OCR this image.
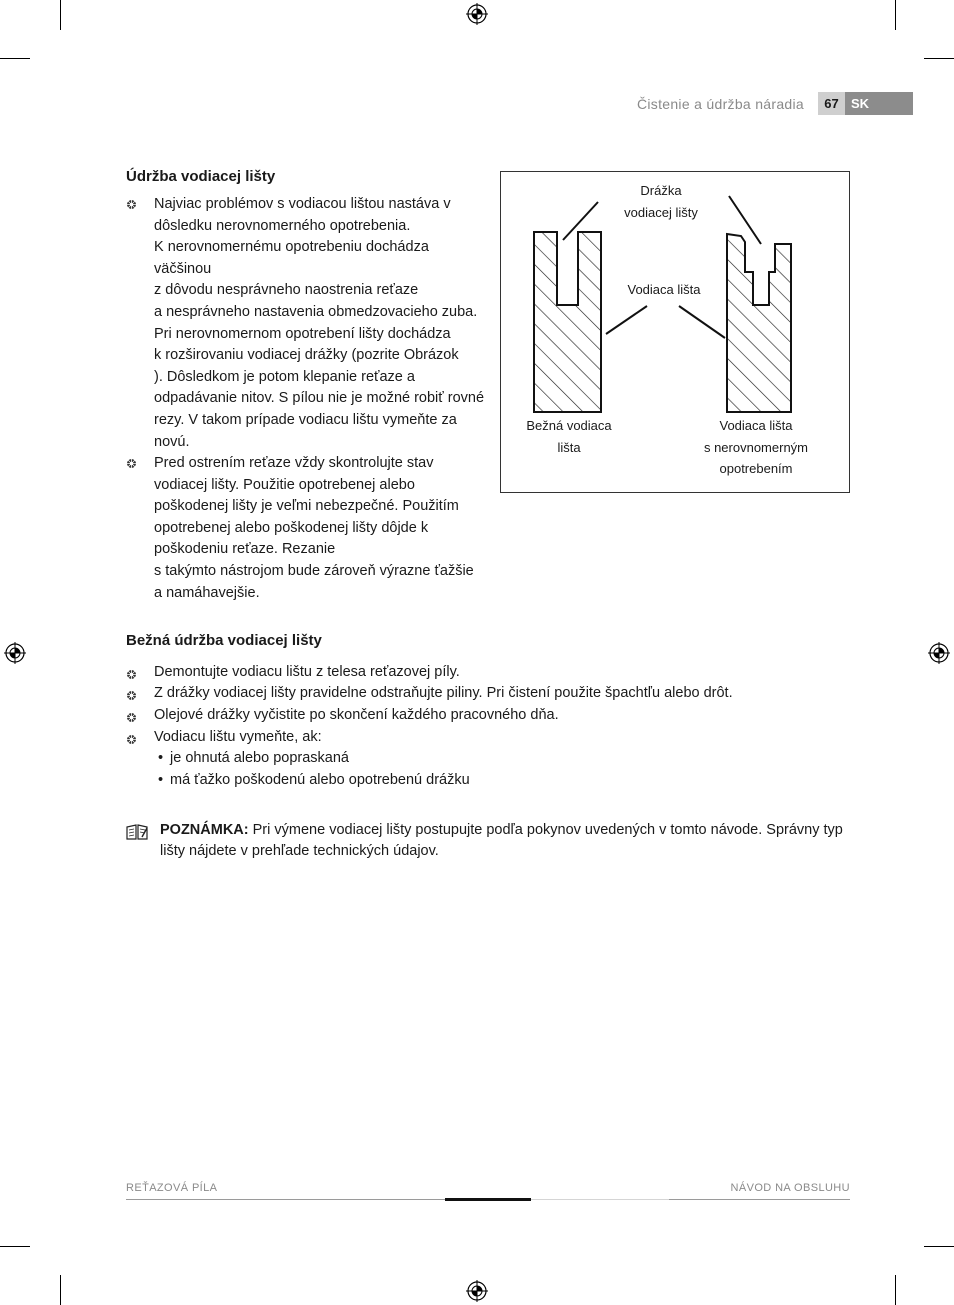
Čistenie a údržba náradia	67 SK
Údržba vodiacej lišty
Najviac problémov s vodiacou lištou nastáva v
dôsledku nerovnomerného opotrebenia.
K nerovnomernému opotrebeniu dochádza
väčšinou
z dôvodu nesprávneho naostrenia reťaze
a nesprávneho nastavenia obmedzovacieho zuba.
Pri nerovnomernom opotrebení lišty dochádza
k rozširovaniu vodiacej drážky (pozrite Obrázok
). Dôsledkom je potom klepanie reťaze a
odpadávanie nitov. S pílou nie je možné robiť rovné
rezy. V takom prípade vodiacu lištu vymeňte za
novú.
Pred ostrením reťaze vždy skontrolujte stav
vodiacej lišty. Použitie opotrebenej alebo
poškodenej lišty je veľmi nebezpečné. Použitím
opotrebenej alebo poškodenej lišty dôjde k
poškodeniu reťaze. Rezanie
s takýmto nástrojom bude zároveň výrazne ťažšie
a namáhavejšie.
Drážka
vodiacej lišty
Vodiaca lišta
Bežná vodiaca
lišta
Vodiaca lišta
s nerovnomerným
opotrebením
Bežná údržba vodiacej lišty
Demontujte vodiacu lištu z telesa reťazovej píly.
Z drážky vodiacej lišty pravidelne odstraňujte piliny. Pri čistení použite špachtľu alebo drôt.
Olejové drážky vyčistite po skončení každého pracovného dňa.
Vodiacu lištu vymeňte, ak:
• je ohnutá alebo popraskaná
• má ťažko poškodenú alebo opotrebenú drážku
POZNÁMKA: Pri výmene vodiacej lišty postupujte podľa pokynov uvedených v tomto návode. Správny typ
lišty nájdete v prehľade technických údajov.
REŤAZOVÁ PÍLA	NÁVOD NA OBSLUHU
